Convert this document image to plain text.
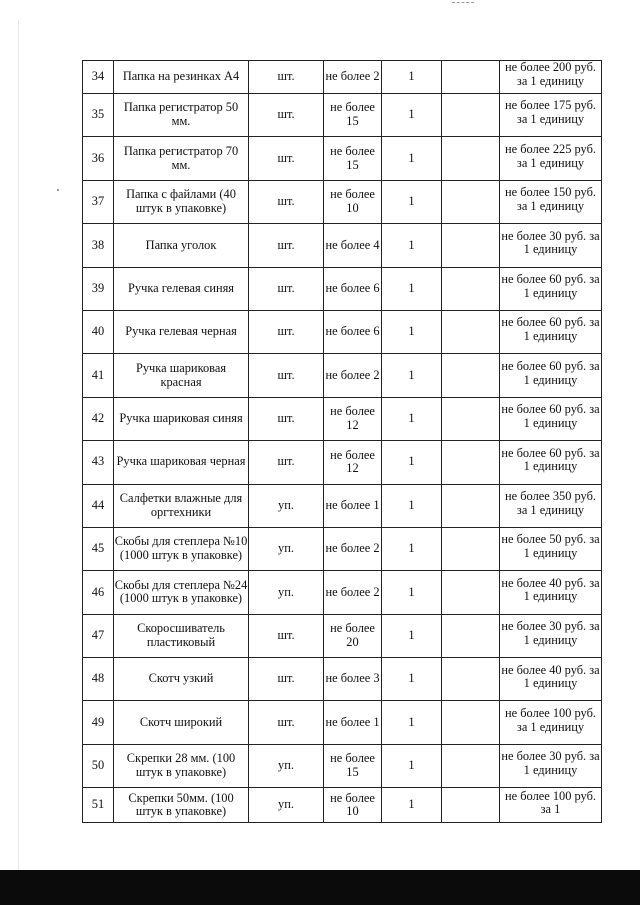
34	Папка на резинках А4	шт.	не более 2	1		не более 200 руб. за 1 единицу

35	Папка регистратор 50 мм.	шт.	не более 15	1		не более 175 руб. за 1 единицу

36	Папка регистратор 70 мм.	шт.	не более 15	1		не более 225 руб. за 1 единицу

37	Папка с файлами (40 штук в упаковке)	шт.	не более 10	1		не более 150 руб. за 1 единицу

38	Папка уголок	шт.	не более 4	1		не более 30 руб. за 1 единицу

39	Ручка гелевая синяя	шт.	не более 6	1		не более 60 руб. за 1 единицу

40	Ручка гелевая черная	шт.	не более 6	1		не более 60 руб. за 1 единицу

41	Ручка шариковая красная	шт.	не более 2	1		не более 60 руб. за 1 единицу

42	Ручка шариковая синяя	шт.	не более 12	1		не более 60 руб. за 1 единицу

43	Ручка шариковая черная	шт.	не более 12	1		не более 60 руб. за 1 единицу

44	Салфетки влажные для оргтехники	уп.	не более 1	1		не более 350 руб. за 1 единицу

45	Скобы для степлера №10 (1000 штук в упаковке)	уп.	не более 2	1		не более 50 руб. за 1 единицу

46	Скобы для степлера №24 (1000 штук в упаковке)	уп.	не более 2	1		не более 40 руб. за 1 единицу

47	Скоросшиватель пластиковый	шт.	не более 20	1		не более 30 руб. за 1 единицу

48	Скотч узкий	шт.	не более 3	1		не более 40 руб. за 1 единицу

49	Скотч широкий	шт.	не более 1	1		не более 100 руб. за 1 единицу

50	Скрепки 28 мм. (100 штук в упаковке)	уп.	не более 15	1		не более 30 руб. за 1 единицу

51	Скрепки 50мм. (100 штук в упаковке)	уп.	не более 10	1		не более 100 руб. за 1
